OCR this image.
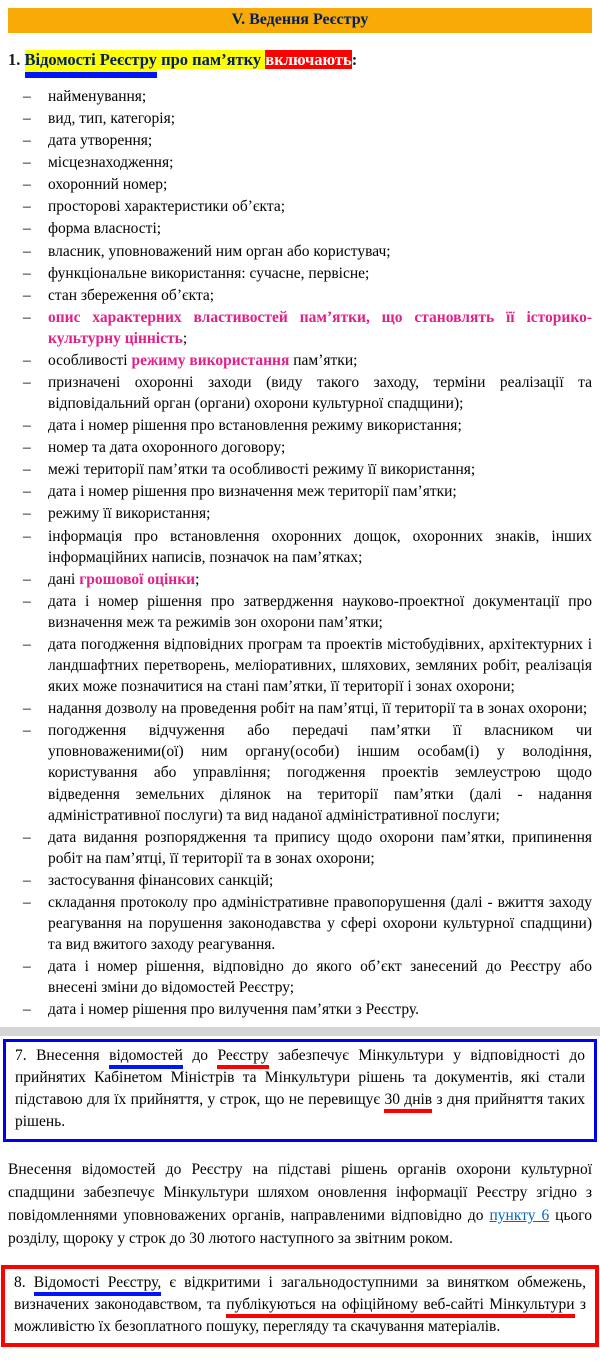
V. Ведення Реєстру
1. Відомості Реєстру про пам’ятку включають:
– найменування;
– вид, тип, категорія;
– дата утворення;
– місцезнаходження;
– охоронний номер;
– просторові характеристики об’єкта;
– форма власності;
– власник, уповноважений ним орган або користувач;
– функціональне використання: сучасне, первісне;
– стан збереження об’єкта;
– опис характерних властивостей пам’ятки, що становлять її історико-культурну цінність;
– особливості режиму використання пам’ятки;
– призначені охоронні заходи (виду такого заходу, терміни реалізації та відповідальний орган (органи) охорони культурної спадщини);
– дата і номер рішення про встановлення режиму використання;
– номер та дата охоронного договору;
– межі території пам’ятки та особливості режиму її використання;
– дата і номер рішення про визначення меж території пам’ятки;
– режиму її використання;
– інформація про встановлення охоронних дощок, охоронних знаків, інших інформаційних написів, позначок на пам’ятках;
– дані грошової оцінки;
– дата і номер рішення про затвердження науково-проектної документації про визначення меж та режимів зон охорони пам’ятки;
– дата погодження відповідних програм та проектів містобудівних, архітектурних і ландшафтних перетворень, меліоративних, шляхових, земляних робіт, реалізація яких може позначитися на стані пам’ятки, її території і зонах охорони;
– надання дозволу на проведення робіт на пам’ятці, її території та в зонах охорони;
– погодження відчуження або передачі пам’ятки її власником чи уповноваженими(ої) ним органу(особи) іншим особам(і) у володіння, користування або управління; погодження проектів землеустрою щодо відведення земельних ділянок на території пам’ятки (далі - надання адміністративної послуги) та вид наданої адміністративної послуги;
– дата видання розпорядження та припису щодо охорони пам’ятки, припинення робіт на пам’ятці, її території та в зонах охорони;
– застосування фінансових санкцій;
– складання протоколу про адміністративне правопорушення (далі - вжиття заходу реагування на порушення законодавства у сфері охорони культурної спадщини) та вид вжитого заходу реагування.
– дата і номер рішення, відповідно до якого об’єкт занесений до Реєстру або внесені зміни до відомостей Реєстру;
– дата і номер рішення про вилучення пам’ятки з Реєстру.
7. Внесення відомостей до Реєстру забезпечує Мінкультури у відповідності до прийнятих Кабінетом Міністрів та Мінкультури рішень та документів, які стали підставою для їх прийняття, у строк, що не перевищує 30 днів з дня прийняття таких рішень.

Внесення відомостей до Реєстру на підставі рішень органів охорони культурної спадщини забезпечує Мінкультури шляхом оновлення інформації Реєстру згідно з повідомленнями уповноважених органів, направленими відповідно до пункту 6 цього розділу, щороку у строк до 30 лютого наступного за звітним роком.

8. Відомості Реєстру, є відкритими і загальнодоступними за винятком обмежень, визначених законодавством, та публікуються на офіційному веб-сайті Мінкультури з можливістю їх безоплатного пошуку, перегляду та скачування матеріалів.
